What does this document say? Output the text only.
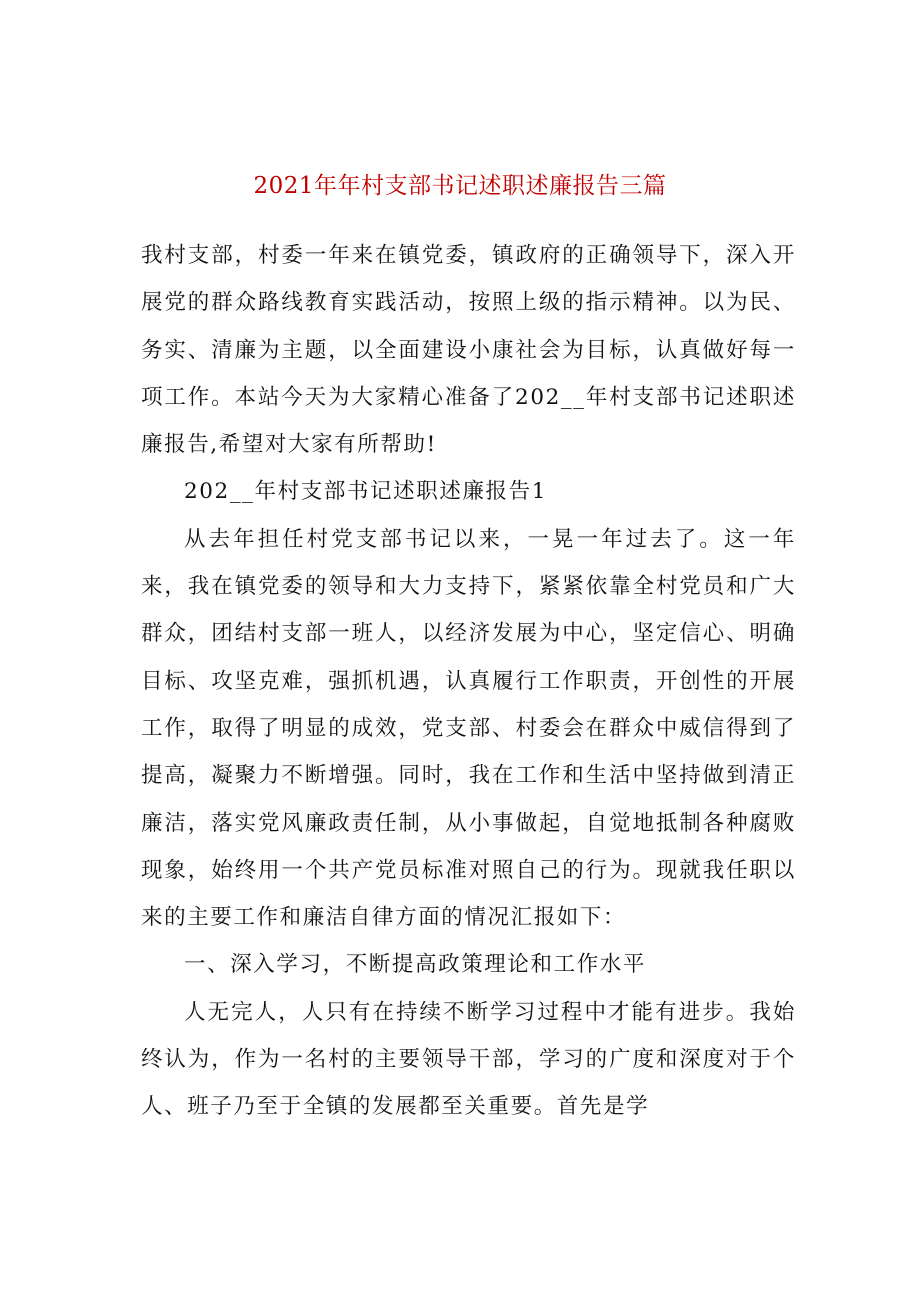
2021年年村支部书记述职述廉报告三篇

我村支部，村委一年来在镇党委，镇政府的正确领导下，深入开展党的群众路线教育实践活动，按照上级的指示精神。以为民、务实、清廉为主题，以全面建设小康社会为目标，认真做好每一项工作。本站今天为大家精心准备了202__年村支部书记述职述廉报告,希望对大家有所帮助!

202__年村支部书记述职述廉报告1

从去年担任村党支部书记以来，一晃一年过去了。这一年来，我在镇党委的领导和大力支持下，紧紧依靠全村党员和广大群众，团结村支部一班人，以经济发展为中心，坚定信心、明确目标、攻坚克难，强抓机遇，认真履行工作职责，开创性的开展工作，取得了明显的成效，党支部、村委会在群众中威信得到了提高，凝聚力不断增强。同时，我在工作和生活中坚持做到清正廉洁，落实党风廉政责任制，从小事做起，自觉地抵制各种腐败现象，始终用一个共产党员标准对照自己的行为。现就我任职以来的主要工作和廉洁自律方面的情况汇报如下：

一、深入学习，不断提高政策理论和工作水平

人无完人，人只有在持续不断学习过程中才能有进步。我始终认为，作为一名村的主要领导干部，学习的广度和深度对于个人、班子乃至于全镇的发展都至关重要。首先是学
